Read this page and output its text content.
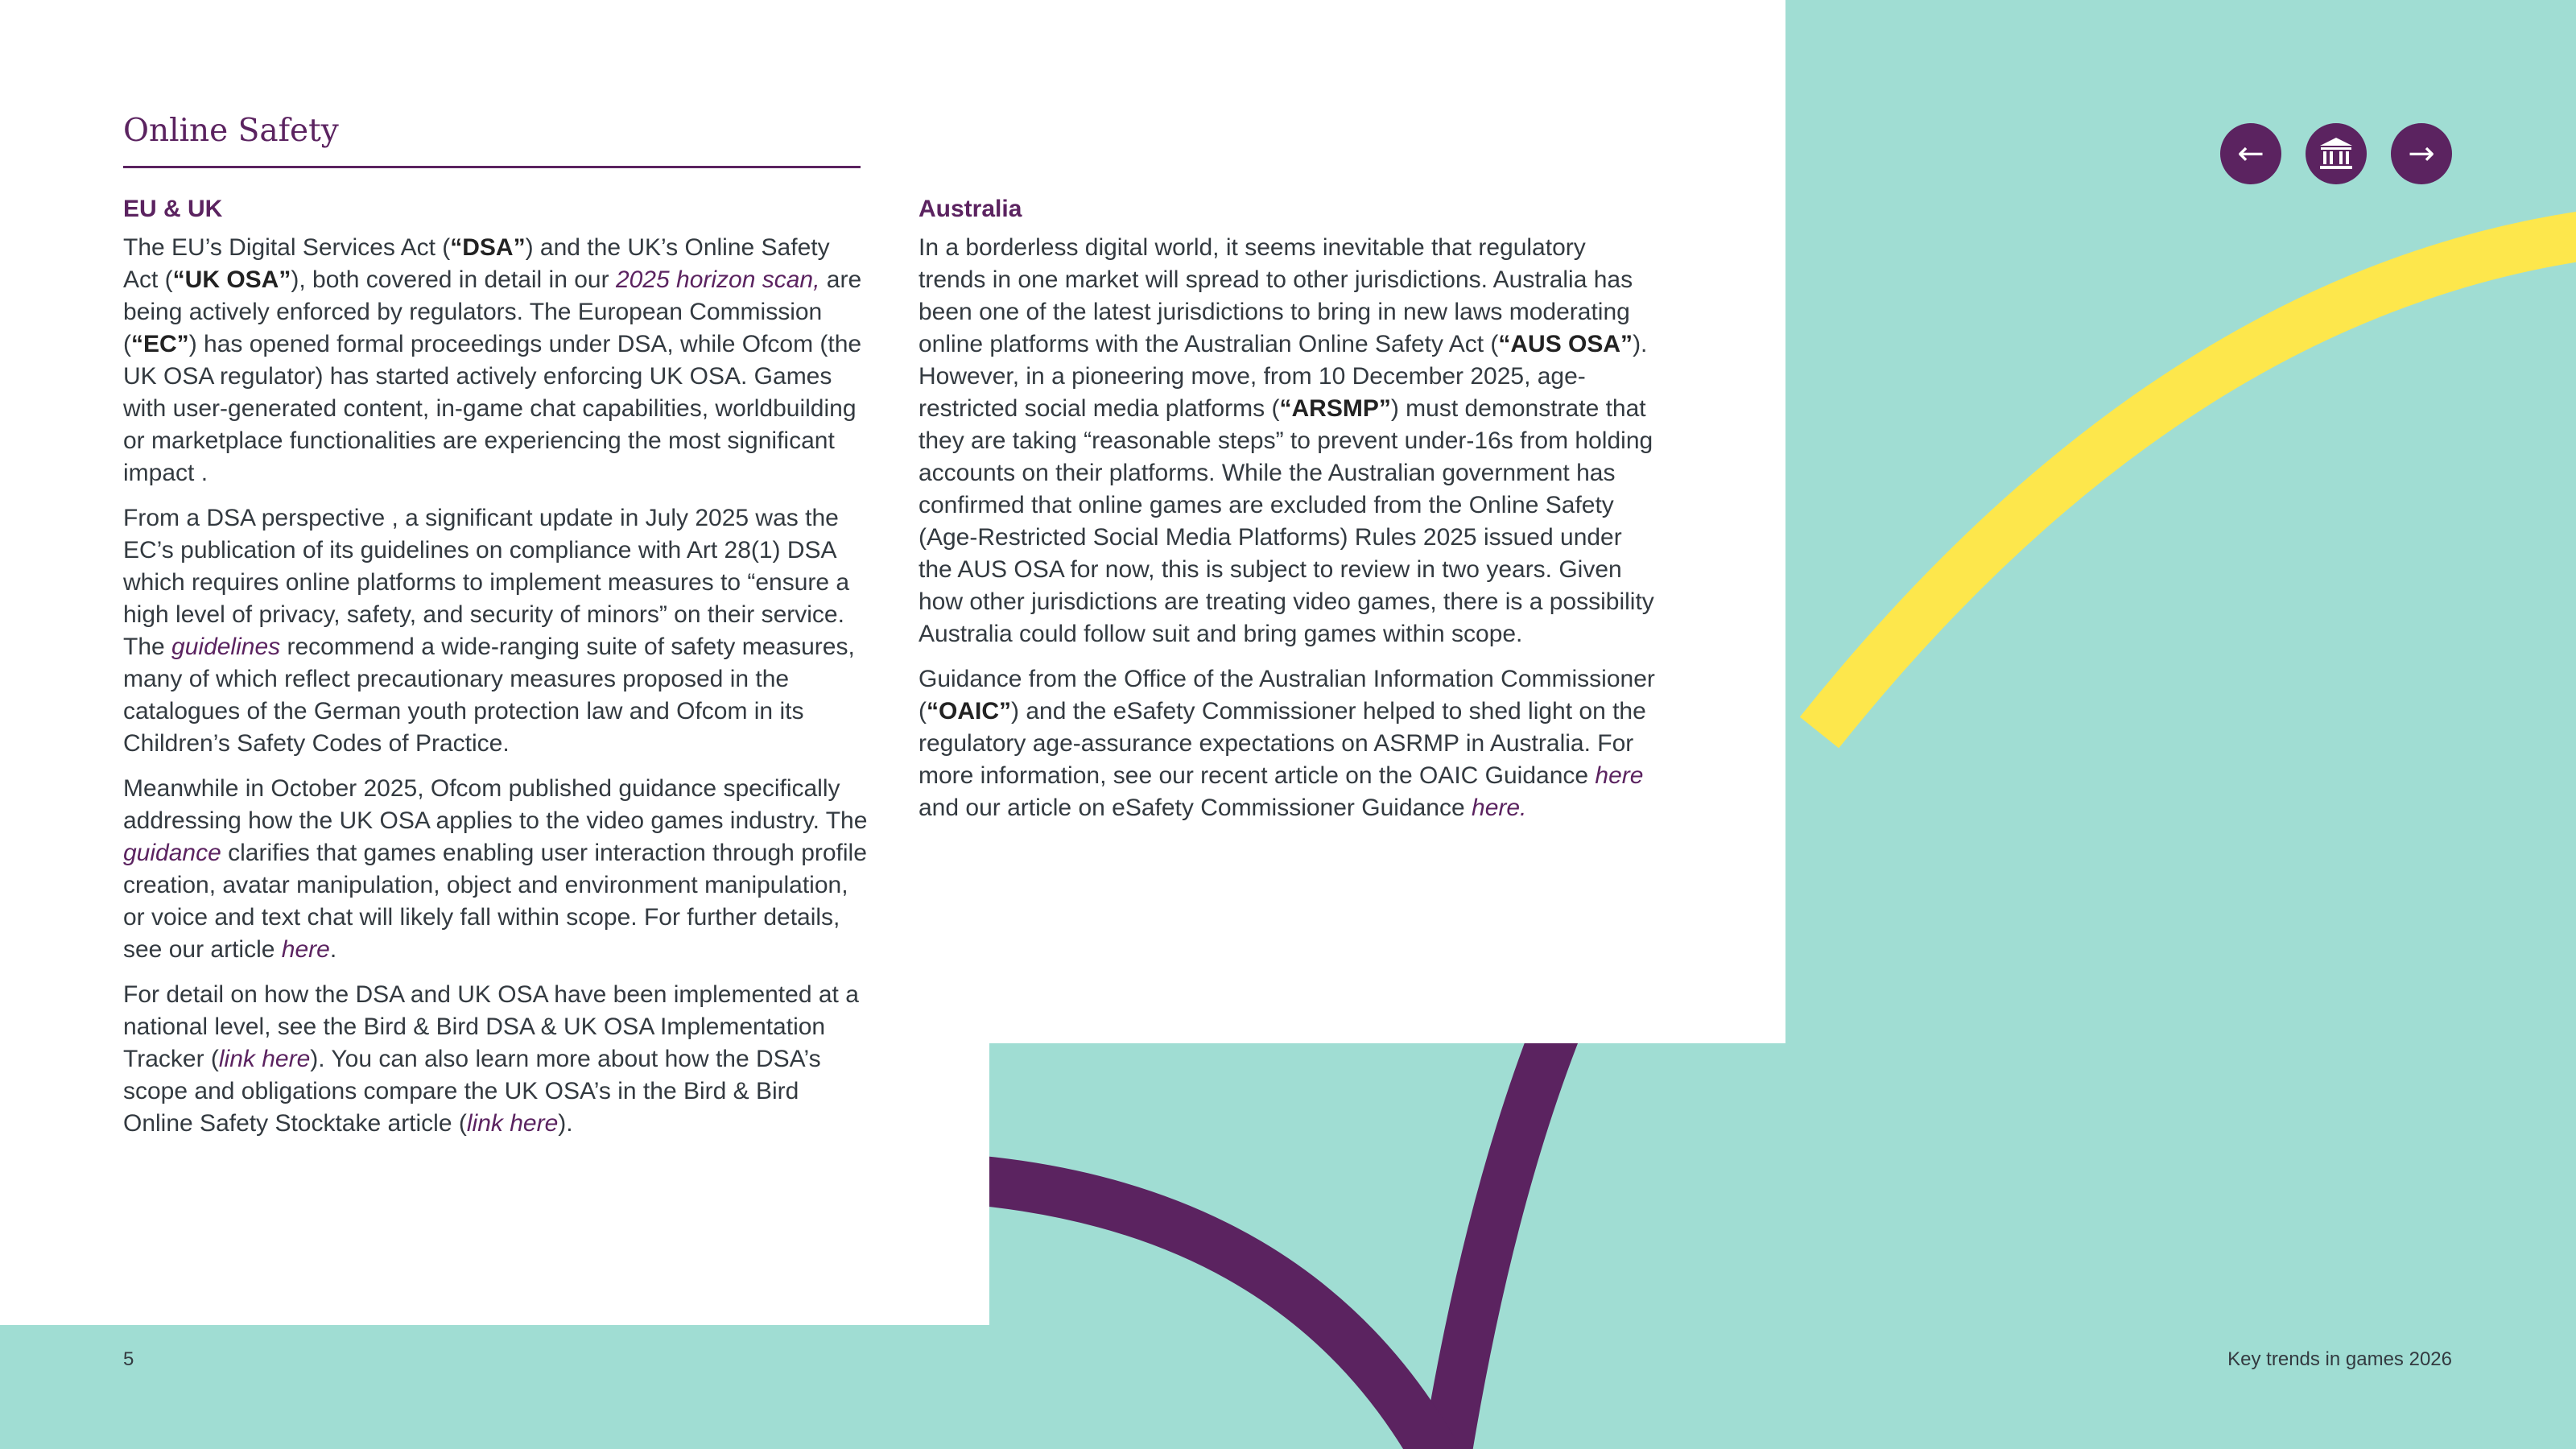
Online Safety
←	→
EU & UK

The EU’s Digital Services Act (“DSA”) and the UK’s Online Safety Act (“UK OSA”), both covered in detail in our 2025 horizon scan, are being actively enforced by regulators. The European Commission (“EC”) has opened formal proceedings under DSA, while Ofcom (the UK OSA regulator) has started actively enforcing UK OSA. Games with user-generated content, in-game chat capabilities, worldbuilding or marketplace functionalities are experiencing the most significant impact .

From a DSA perspective , a significant update in July 2025 was the EC’s publication of its guidelines on compliance with Art 28(1) DSA which requires online platforms to implement measures to “ensure a high level of privacy, safety, and security of minors” on their service. The guidelines recommend a wide-ranging suite of safety measures, many of which reflect precautionary measures proposed in the catalogues of the German youth protection law and Ofcom in its Children’s Safety Codes of Practice.

Meanwhile in October 2025, Ofcom published guidance specifically addressing how the UK OSA applies to the video games industry. The guidance clarifies that games enabling user interaction through profile creation, avatar manipulation, object and environment manipulation, or voice and text chat will likely fall within scope. For further details, see our article here.

For detail on how the DSA and UK OSA have been implemented at a national level, see the Bird & Bird DSA & UK OSA Implementation Tracker (link here). You can also learn more about how the DSA’s scope and obligations compare the UK OSA’s in the Bird & Bird Online Safety Stocktake article (link here).

Australia

In a borderless digital world, it seems inevitable that regulatory trends in one market will spread to other jurisdictions. Australia has been one of the latest jurisdictions to bring in new laws moderating online platforms with the Australian Online Safety Act (“AUS OSA”). However, in a pioneering move, from 10 December 2025, age-restricted social media platforms (“ARSMP”) must demonstrate that they are taking “reasonable steps” to prevent under-16s from holding accounts on their platforms. While the Australian government has confirmed that online games are excluded from the Online Safety (Age-Restricted Social Media Platforms) Rules 2025 issued under the AUS OSA for now, this is subject to review in two years. Given how other jurisdictions are treating video games, there is a possibility Australia could follow suit and bring games within scope.

Guidance from the Office of the Australian Information Commissioner (“OAIC”) and the eSafety Commissioner helped to shed light on the regulatory age-assurance expectations on ASRMP in Australia. For more information, see our recent article on the OAIC Guidance here and our article on eSafety Commissioner Guidance here.

5	Key trends in games 2026
